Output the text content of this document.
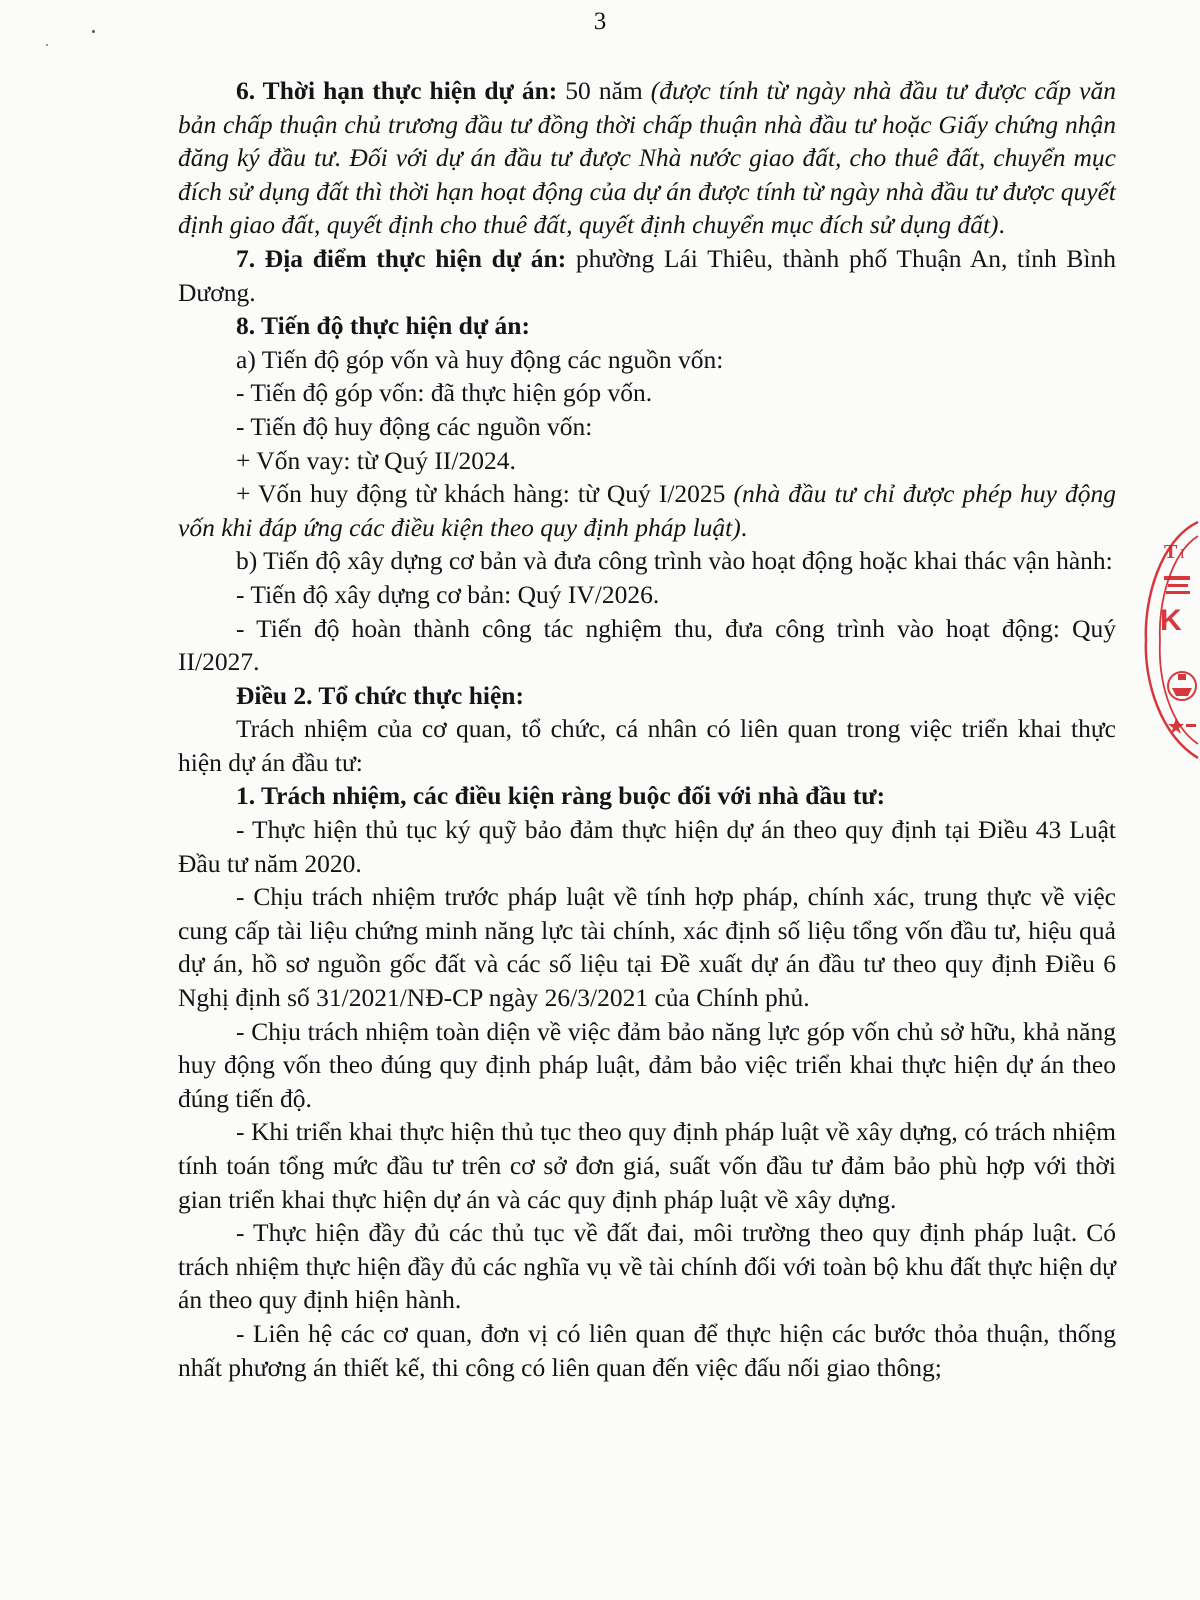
3

6. Thời hạn thực hiện dự án: 50 năm (được tính từ ngày nhà đầu tư được cấp văn bản chấp thuận chủ trương đầu tư đồng thời chấp thuận nhà đầu tư hoặc Giấy chứng nhận đăng ký đầu tư. Đối với dự án đầu tư được Nhà nước giao đất, cho thuê đất, chuyển mục đích sử dụng đất thì thời hạn hoạt động của dự án được tính từ ngày nhà đầu tư được quyết định giao đất, quyết định cho thuê đất, quyết định chuyển mục đích sử dụng đất).

7. Địa điểm thực hiện dự án: phường Lái Thiêu, thành phố Thuận An, tỉnh Bình Dương.

8. Tiến độ thực hiện dự án:

a) Tiến độ góp vốn và huy động các nguồn vốn:

- Tiến độ góp vốn: đã thực hiện góp vốn.

- Tiến độ huy động các nguồn vốn:

+ Vốn vay: từ Quý II/2024.

+ Vốn huy động từ khách hàng: từ Quý I/2025 (nhà đầu tư chỉ được phép huy động vốn khi đáp ứng các điều kiện theo quy định pháp luật).

b) Tiến độ xây dựng cơ bản và đưa công trình vào hoạt động hoặc khai thác vận hành:

- Tiến độ xây dựng cơ bản: Quý IV/2026.

- Tiến độ hoàn thành công tác nghiệm thu, đưa công trình vào hoạt động: Quý II/2027.

Điều 2. Tổ chức thực hiện:

Trách nhiệm của cơ quan, tổ chức, cá nhân có liên quan trong việc triển khai thực hiện dự án đầu tư:

1. Trách nhiệm, các điều kiện ràng buộc đối với nhà đầu tư:

- Thực hiện thủ tục ký quỹ bảo đảm thực hiện dự án theo quy định tại Điều 43 Luật Đầu tư năm 2020.

- Chịu trách nhiệm trước pháp luật về tính hợp pháp, chính xác, trung thực về việc cung cấp tài liệu chứng minh năng lực tài chính, xác định số liệu tổng vốn đầu tư, hiệu quả dự án, hồ sơ nguồn gốc đất và các số liệu tại Đề xuất dự án đầu tư theo quy định Điều 6 Nghị định số 31/2021/NĐ-CP ngày 26/3/2021 của Chính phủ.

- Chịu trách nhiệm toàn diện về việc đảm bảo năng lực góp vốn chủ sở hữu, khả năng huy động vốn theo đúng quy định pháp luật, đảm bảo việc triển khai thực hiện dự án theo đúng tiến độ.

- Khi triển khai thực hiện thủ tục theo quy định pháp luật về xây dựng, có trách nhiệm tính toán tổng mức đầu tư trên cơ sở đơn giá, suất vốn đầu tư đảm bảo phù hợp với thời gian triển khai thực hiện dự án và các quy định pháp luật về xây dựng.

- Thực hiện đầy đủ các thủ tục về đất đai, môi trường theo quy định pháp luật. Có trách nhiệm thực hiện đầy đủ các nghĩa vụ về tài chính đối với toàn bộ khu đất thực hiện dự án theo quy định hiện hành.

- Liên hệ các cơ quan, đơn vị có liên quan để thực hiện các bước thỏa thuận, thống nhất phương án thiết kế, thi công có liên quan đến việc đấu nối giao thông;

T I
K
